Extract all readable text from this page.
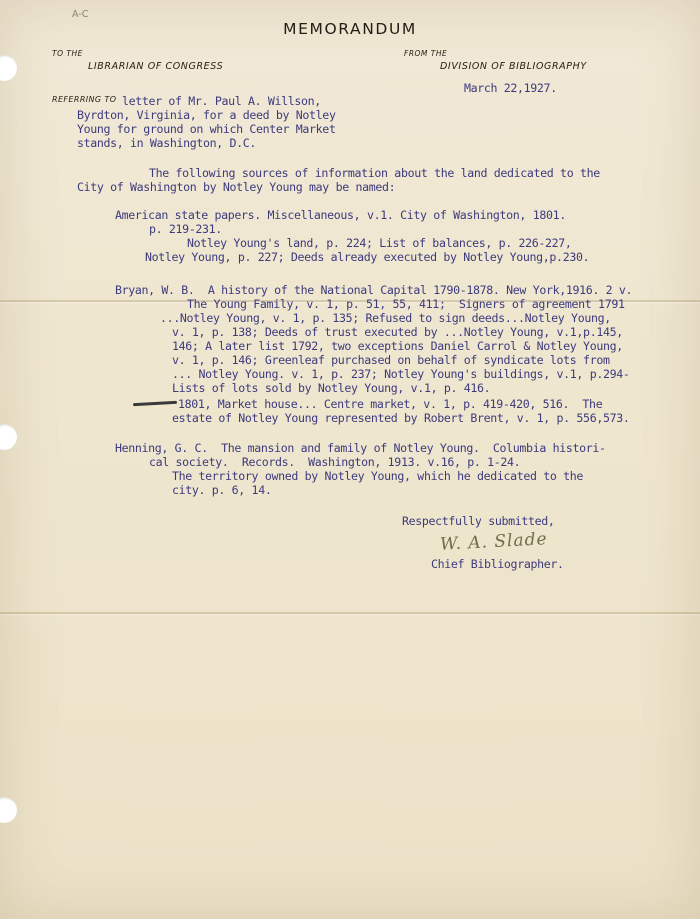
A-C
MEMORANDUM
TO THE
LIBRARIAN OF CONGRESS
FROM THE
DIVISION OF BIBLIOGRAPHY
March 22,1927.
REFERRING TO letter of Mr. Paul A. Willson,
Byrdton, Virginia, for a deed by Notley
Young for ground on which Center Market
stands, in Washington, D.C.
The following sources of information about the land dedicated to the
City of Washington by Notley Young may be named:
American state papers. Miscellaneous, v.1. City of Washington, 1801.
p. 219-231.
Notley Young's land, p. 224; List of balances, p. 226-227,
Notley Young, p. 227; Deeds already executed by Notley Young,p.230.
Bryan, W. B.  A history of the National Capital 1790-1878. New York,1916. 2 v.
The Young Family, v. 1, p. 51, 55, 411;  Signers of agreement 1791
...Notley Young, v. 1, p. 135; Refused to sign deeds...Notley Young,
v. 1, p. 138; Deeds of trust executed by ...Notley Young, v.1,p.145,
146; A later list 1792, two exceptions Daniel Carrol & Notley Young,
v. 1, p. 146; Greenleaf purchased on behalf of syndicate lots from
... Notley Young. v. 1, p. 237; Notley Young's buildings, v.1, p.294-
Lists of lots sold by Notley Young, v.1, p. 416.
1801, Market house... Centre market, v. 1, p. 419-420, 516.  The
estate of Notley Young represented by Robert Brent, v. 1, p. 556,573.
Henning, G. C.  The mansion and family of Notley Young.  Columbia histori-
cal society.  Records.  Washington, 1913. v.16, p. 1-24.
The territory owned by Notley Young, which he dedicated to the
city. p. 6, 14.
Respectfully submitted,
W. A. Slade
Chief Bibliographer.
